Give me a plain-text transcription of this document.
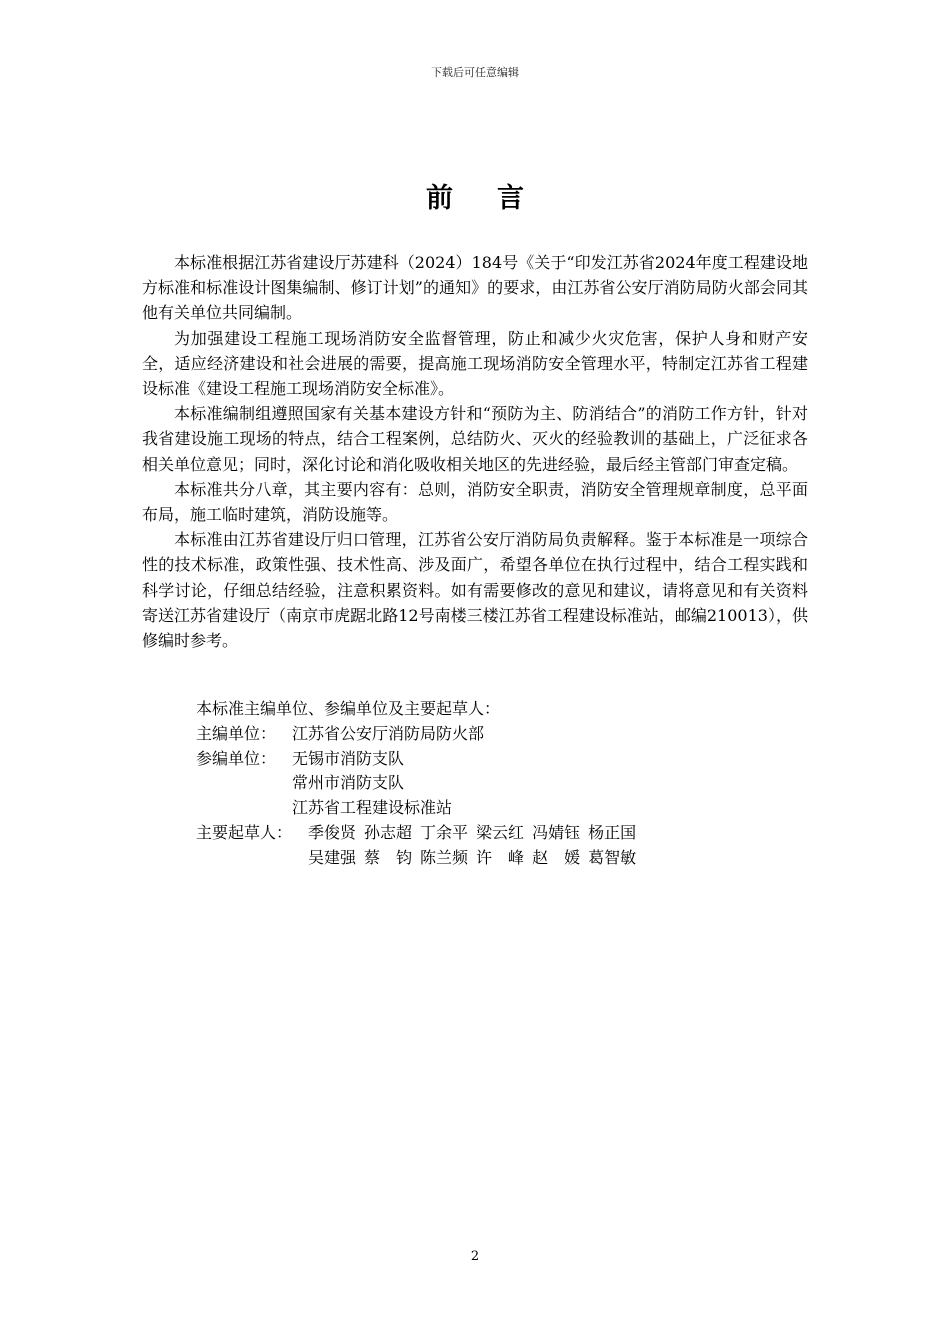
下载后可任意编辑
前言

本标准根据江苏省建设厅苏建科（2024）184号《关于“印发江苏省2024年度工程建设地方标准和标准设计图集编制、修订计划”的通知》的要求，由江苏省公安厅消防局防火部会同其他有关单位共同编制。

为加强建设工程施工现场消防安全监督管理，防止和减少火灾危害，保护人身和财产安全，适应经济建设和社会进展的需要，提高施工现场消防安全管理水平，特制定江苏省工程建设标准《建设工程施工现场消防安全标准》。

本标准编制组遵照国家有关基本建设方针和“预防为主、防消结合”的消防工作方针，针对我省建设施工现场的特点，结合工程案例，总结防火、灭火的经验教训的基础上，广泛征求各相关单位意见；同时，深化讨论和消化吸收相关地区的先进经验，最后经主管部门审查定稿。

本标准共分八章，其主要内容有：总则，消防安全职责，消防安全管理规章制度，总平面布局，施工临时建筑，消防设施等。

本标准由江苏省建设厅归口管理，江苏省公安厅消防局负责解释。鉴于本标准是一项综合性的技术标准，政策性强、技术性高、涉及面广，希望各单位在执行过程中，结合工程实践和科学讨论，仔细总结经验，注意积累资料。如有需要修改的意见和建议，请将意见和有关资料寄送江苏省建设厅（南京市虎踞北路12号南楼三楼江苏省工程建设标准站，邮编210013），供修编时参考。

本标准主编单位、参编单位及主要起草人：
主编单位： 江苏省公安厅消防局防火部
参编单位： 无锡市消防支队
常州市消防支队
江苏省工程建设标准站
主要起草人： 季俊贤 孙志超 丁余平 梁云红 冯婧钰 杨正国
吴建强 蔡　钧 陈兰频 许　峰 赵　媛 葛智敏
2
